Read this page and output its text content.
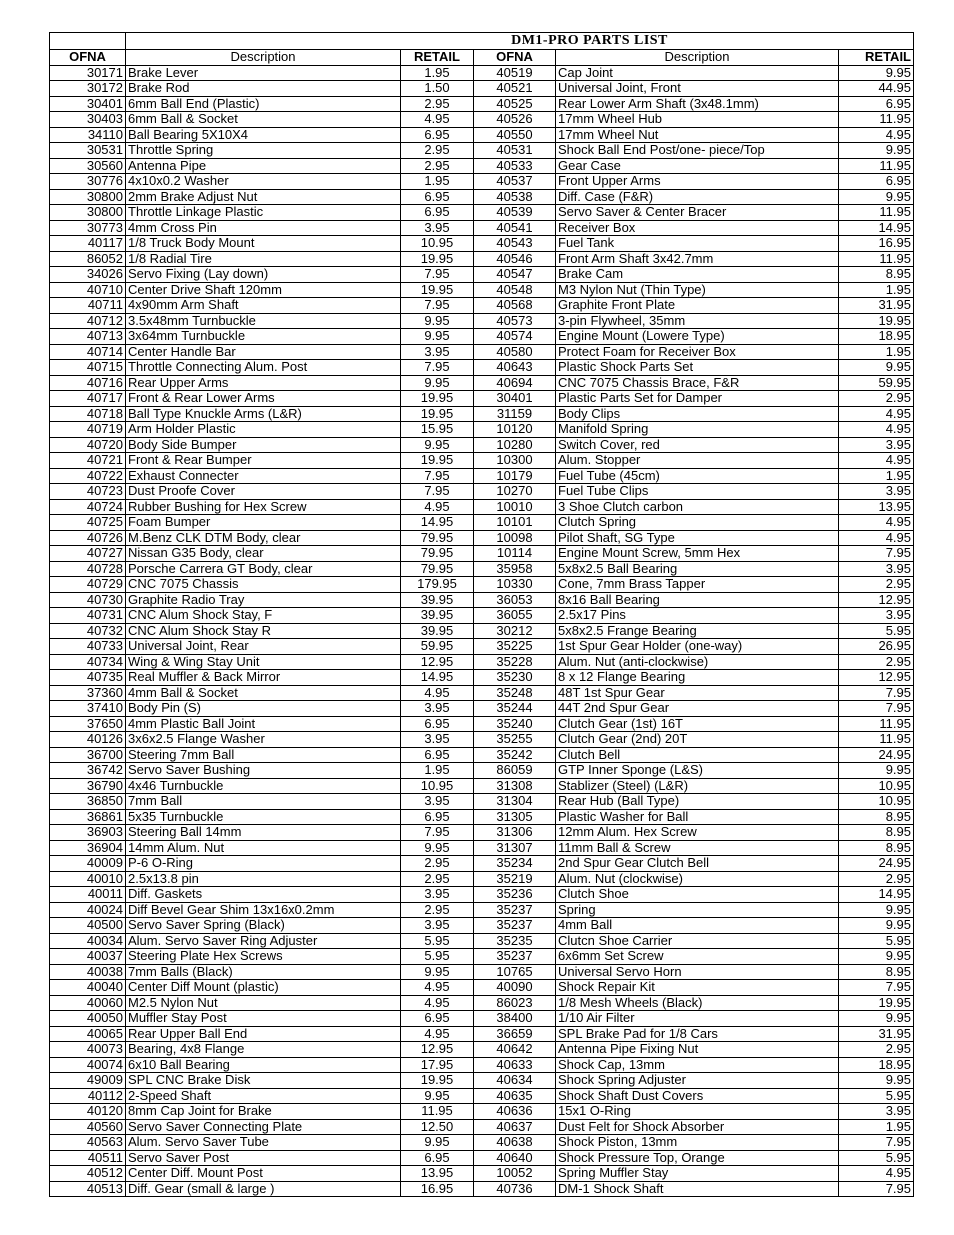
		DM1-PRO PARTS LIST			

OFNA	Description	RETAIL	OFNA	Description	RETAIL
30171	Brake Lever	1.95	40519	Cap Joint	9.95
30172	Brake Rod	1.50	40521	Universal Joint, Front	44.95
30401	6mm Ball End (Plastic)	2.95	40525	Rear Lower Arm Shaft (3x48.1mm)	6.95
30403	6mm Ball & Socket	4.95	40526	17mm Wheel Hub	11.95
34110	Ball Bearing 5X10X4	6.95	40550	17mm Wheel Nut	4.95
30531	Throttle Spring	2.95	40531	Shock Ball End Post/one- piece/Top	9.95
30560	Antenna Pipe	2.95	40533	Gear Case	11.95
30776	4x10x0.2 Washer	1.95	40537	Front Upper Arms	6.95
30800	2mm Brake Adjust Nut	6.95	40538	Diff. Case (F&R)	9.95
30800	Throttle Linkage Plastic	6.95	40539	Servo Saver & Center Bracer	11.95
30773	4mm Cross Pin	3.95	40541	Receiver Box	14.95
40117	1/8 Truck Body Mount	10.95	40543	Fuel Tank	16.95
86052	1/8 Radial Tire	19.95	40546	Front Arm Shaft 3x42.7mm	11.95
34026	Servo Fixing (Lay down)	7.95	40547	Brake Cam	8.95
40710	Center Drive Shaft 120mm	19.95	40548	M3 Nylon Nut (Thin Type)	1.95
40711	4x90mm Arm Shaft	7.95	40568	Graphite Front Plate	31.95
40712	3.5x48mm Turnbuckle	9.95	40573	3-pin Flywheel, 35mm	19.95
40713	3x64mm Turnbuckle	9.95	40574	Engine Mount (Lowere Type)	18.95
40714	Center Handle Bar	3.95	40580	Protect Foam for Receiver Box	1.95
40715	Throttle Connecting Alum. Post	7.95	40643	Plastic Shock Parts Set	9.95
40716	Rear Upper Arms	9.95	40694	CNC 7075 Chassis Brace, F&R	59.95
40717	Front & Rear Lower Arms	19.95	30401	Plastic Parts Set for Damper	2.95
40718	Ball Type Knuckle Arms (L&R)	19.95	31159	Body Clips	4.95
40719	Arm Holder Plastic	15.95	10120	Manifold Spring	4.95
40720	Body Side Bumper	9.95	10280	Switch Cover, red	3.95
40721	Front & Rear Bumper	19.95	10300	Alum. Stopper	4.95
40722	Exhaust Connecter	7.95	10179	Fuel Tube (45cm)	1.95
40723	Dust Proofe Cover	7.95	10270	Fuel Tube Clips	3.95
40724	Rubber Bushing for Hex Screw	4.95	10010	3 Shoe Clutch carbon	13.95
40725	Foam Bumper	14.95	10101	Clutch Spring	4.95
40726	M.Benz CLK DTM Body, clear	79.95	10098	Pilot Shaft, SG Type	4.95
40727	Nissan G35 Body, clear	79.95	10114	Engine Mount Screw, 5mm Hex	7.95
40728	Porsche Carrera GT Body, clear	79.95	35958	5x8x2.5 Ball Bearing	3.95
40729	CNC 7075 Chassis	179.95	10330	Cone, 7mm Brass Tapper	2.95
40730	Graphite Radio Tray	39.95	36053	8x16 Ball Bearing	12.95
40731	CNC Alum Shock Stay, F	39.95	36055	2.5x17 Pins	3.95
40732	CNC Alum Shock Stay R	39.95	30212	5x8x2.5 Frange Bearing	5.95
40733	Universal Joint, Rear	59.95	35225	1st Spur Gear Holder (one-way)	26.95
40734	Wing & Wing Stay Unit	12.95	35228	Alum. Nut (anti-clockwise)	2.95
40735	Real Muffler & Back Mirror	14.95	35230	8 x 12 Flange Bearing	12.95
37360	4mm Ball & Socket	4.95	35248	48T 1st Spur Gear	7.95
37410	Body Pin (S)	3.95	35244	44T 2nd Spur Gear	7.95
37650	4mm Plastic Ball Joint	6.95	35240	Clutch Gear (1st) 16T	11.95
40126	3x6x2.5 Flange Washer	3.95	35255	Clutch Gear (2nd) 20T	11.95
36700	Steering 7mm Ball	6.95	35242	Clutch Bell	24.95
36742	Servo Saver Bushing	1.95	86059	GTP Inner Sponge (L&S)	9.95
36790	4x46 Turnbuckle	10.95	31308	Stablizer (Steel) (L&R)	10.95
36850	7mm Ball	3.95	31304	Rear Hub (Ball Type)	10.95
36861	5x35 Turnbuckle	6.95	31305	Plastic Washer for Ball	8.95
36903	Steering Ball 14mm	7.95	31306	12mm Alum. Hex Screw	8.95
36904	14mm Alum. Nut	9.95	31307	11mm Ball & Screw	8.95
40009	P-6 O-Ring	2.95	35234	2nd Spur Gear Clutch Bell	24.95
40010	2.5x13.8 pin	2.95	35219	Alum. Nut (clockwise)	2.95
40011	Diff. Gaskets	3.95	35236	Clutch Shoe	14.95
40024	Diff Bevel Gear Shim 13x16x0.2mm	2.95	35237	Spring	9.95
40500	Servo Saver Spring (Black)	3.95	35237	4mm Ball	9.95
40034	Alum. Servo Saver Ring Adjuster	5.95	35235	Clutcn Shoe Carrier	5.95
40037	Steering Plate Hex Screws	5.95	35237	6x6mm Set Screw	9.95
40038	7mm Balls (Black)	9.95	10765	Universal Servo Horn	8.95
40040	Center Diff Mount (plastic)	4.95	40090	Shock Repair Kit	7.95
40060	M2.5 Nylon Nut	4.95	86023	1/8 Mesh Wheels (Black)	19.95
40050	Muffler Stay Post	6.95	38400	1/10 Air Filter	9.95
40065	Rear Upper Ball End	4.95	36659	SPL Brake Pad for 1/8 Cars	31.95
40073	Bearing, 4x8 Flange	12.95	40642	Antenna Pipe Fixing Nut	2.95
40074	6x10 Ball Bearing	17.95	40633	Shock Cap, 13mm	18.95
49009	SPL CNC Brake Disk	19.95	40634	Shock Spring Adjuster	9.95
40112	2-Speed Shaft	9.95	40635	Shock Shaft Dust Covers	5.95
40120	8mm Cap Joint for Brake	11.95	40636	15x1 O-Ring	3.95
40560	Servo Saver Connecting Plate	12.50	40637	Dust Felt for Shock Absorber	1.95
40563	Alum. Servo Saver Tube	9.95	40638	Shock Piston, 13mm	7.95
40511	Servo Saver Post	6.95	40640	Shock Pressure Top, Orange	5.95
40512	Center Diff. Mount Post	13.95	10052	Spring Muffler Stay	4.95
40513	Diff. Gear (small & large )	16.95	40736	DM-1 Shock Shaft	7.95
